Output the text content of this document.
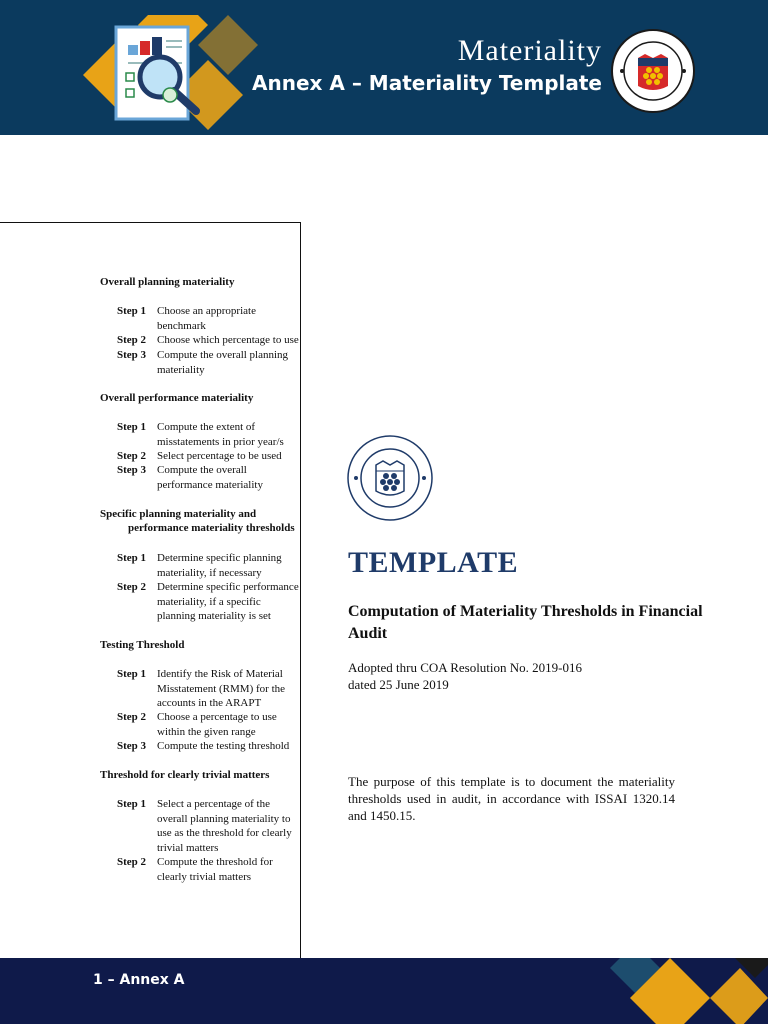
Materiality
Annex A – Materiality Template
Overall planning materiality
Step 1 Choose an appropriate
benchmark
Step 2 Choose which percentage to use
Step 3 Compute the overall planning
materiality
Overall performance materiality
Step 1 Compute the extent of
misstatements in prior year/s
Step 2 Select percentage to be used
Step 3 Compute the overall
performance materiality
Specific planning materiality and
performance materiality thresholds
Step 1 Determine specific planning
materiality, if necessary
Step 2 Determine specific performance
materiality, if a specific
planning materiality is set
Testing Threshold
Step 1 Identify the Risk of Material
Misstatement (RMM) for the
accounts in the ARAPT
Step 2 Choose a percentage to use
within the given range
Step 3 Compute the testing threshold
Threshold for clearly trivial matters
Step 1 Select a percentage of the
overall planning materiality to
use as the threshold for clearly
trivial matters
Step 2 Compute the threshold for
clearly trivial matters
TEMPLATE
Computation of Materiality Thresholds in Financial Audit
Adopted thru COA Resolution No. 2019-016
dated 25 June 2019
The purpose of this template is to document the materiality thresholds used in audit, in accordance with ISSAI 1320.14 and 1450.15.
1 – Annex A
